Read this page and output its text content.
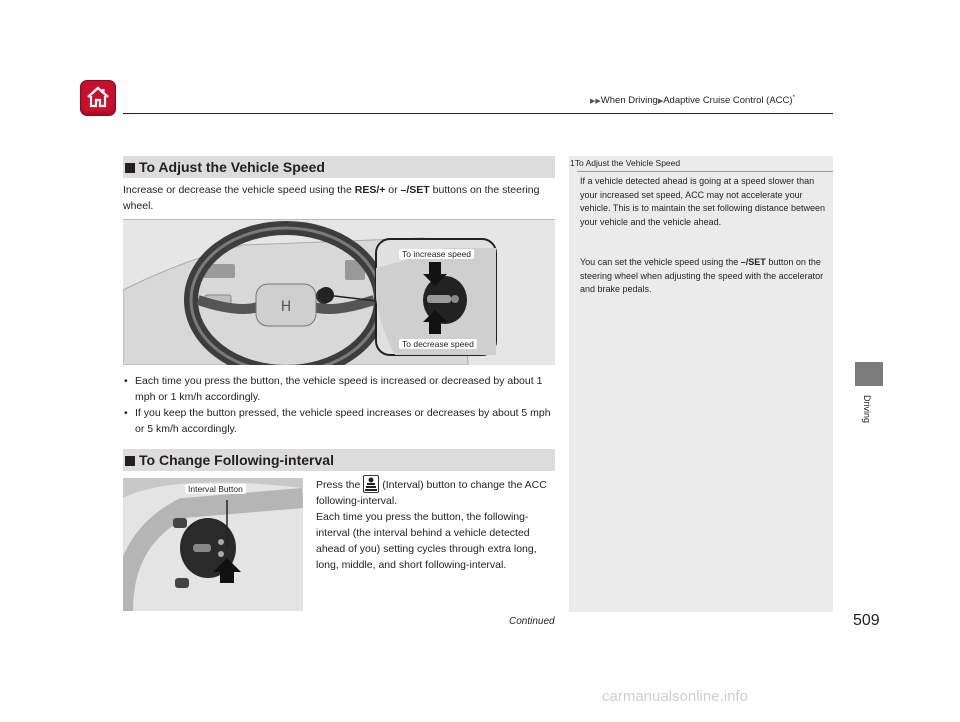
▶▶When Driving▶Adaptive Cruise Control (ACC)*
To Adjust the Vehicle Speed
Increase or decrease the vehicle speed using the RES/+ or –/SET buttons on the steering wheel.
H
To increase speed
To decrease speed
• Each time you press the button, the vehicle speed is increased or decreased by about 1 mph or 1 km/h accordingly.
• If you keep the button pressed, the vehicle speed increases or decreases by about 5 mph or 5 km/h accordingly.
To Change Following-interval
Interval Button	Press the  (Interval) button to change the ACC following-interval.
Each time you press the button, the following-interval (the interval behind a vehicle detected ahead of you) setting cycles through extra long, long, middle, and short following-interval.
1To Adjust the Vehicle Speed
If a vehicle detected ahead is going at a speed slower than your increased set speed, ACC may not accelerate your vehicle. This is to maintain the set following distance between your vehicle and the vehicle ahead.
You can set the vehicle speed using the –/SET button on the steering wheel when adjusting the speed with the accelerator and brake pedals.
Driving
Continued	509
carmanualsonline.info
